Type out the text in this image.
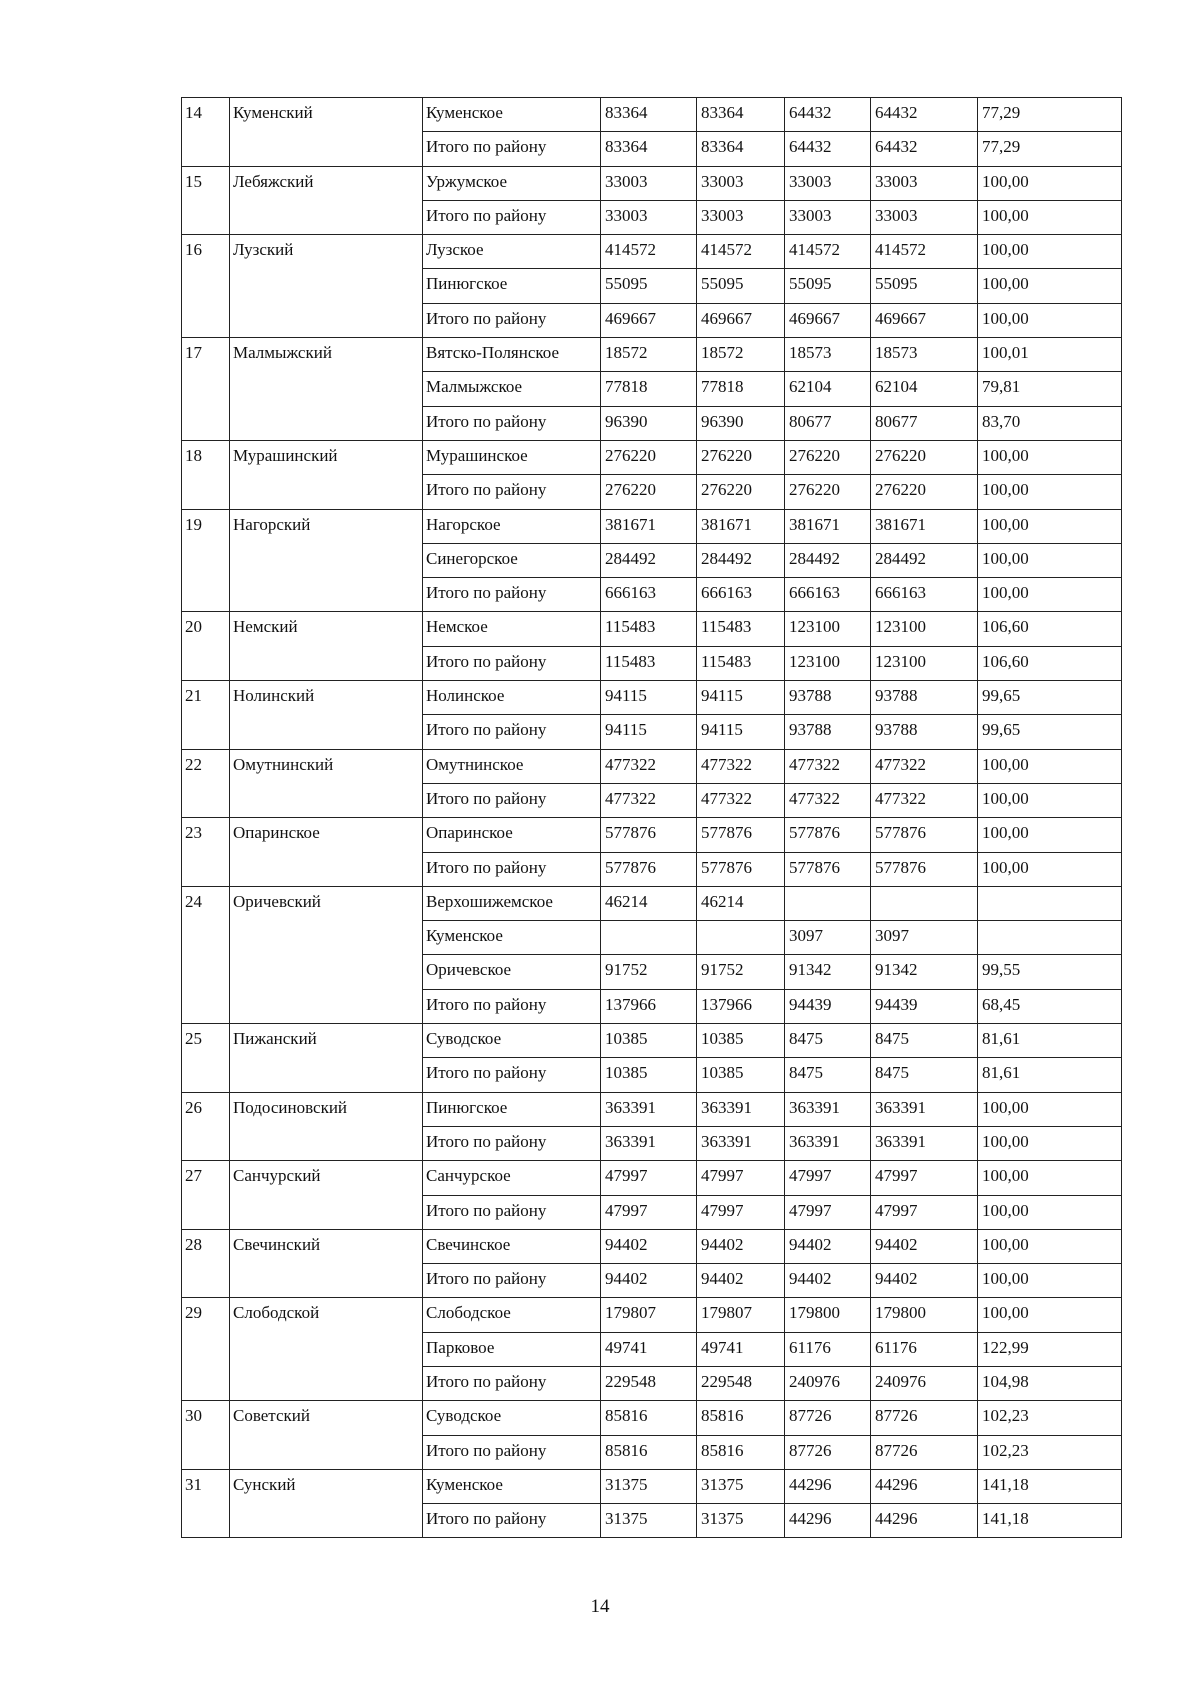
14	Куменский	Куменское	83364	83364	64432	64432	77,29
		Итого по району	83364	83364	64432	64432	77,29
15	Лебяжский	Уржумское	33003	33003	33003	33003	100,00
		Итого по району	33003	33003	33003	33003	100,00
16	Лузский	Лузское	414572	414572	414572	414572	100,00
		Пинюгское	55095	55095	55095	55095	100,00
		Итого по району	469667	469667	469667	469667	100,00
17	Малмыжский	Вятско-Полянское	18572	18572	18573	18573	100,01
		Малмыжское	77818	77818	62104	62104	79,81
		Итого по району	96390	96390	80677	80677	83,70
18	Мурашинский	Мурашинское	276220	276220	276220	276220	100,00
		Итого по району	276220	276220	276220	276220	100,00
19	Нагорский	Нагорское	381671	381671	381671	381671	100,00
		Синегорское	284492	284492	284492	284492	100,00
		Итого по району	666163	666163	666163	666163	100,00
20	Немский	Немское	115483	115483	123100	123100	106,60
		Итого по району	115483	115483	123100	123100	106,60
21	Нолинский	Нолинское	94115	94115	93788	93788	99,65
		Итого по району	94115	94115	93788	93788	99,65
22	Омутнинский	Омутнинское	477322	477322	477322	477322	100,00
		Итого по району	477322	477322	477322	477322	100,00
23	Опаринское	Опаринское	577876	577876	577876	577876	100,00
		Итого по району	577876	577876	577876	577876	100,00
24	Оричевский	Верхошижемское	46214	46214			
		Куменское			3097	3097	
		Оричевское	91752	91752	91342	91342	99,55
		Итого по району	137966	137966	94439	94439	68,45
25	Пижанский	Суводское	10385	10385	8475	8475	81,61
		Итого по району	10385	10385	8475	8475	81,61
26	Подосиновский	Пинюгское	363391	363391	363391	363391	100,00
		Итого по району	363391	363391	363391	363391	100,00
27	Санчурский	Санчурское	47997	47997	47997	47997	100,00
		Итого по району	47997	47997	47997	47997	100,00
28	Свечинский	Свечинское	94402	94402	94402	94402	100,00
		Итого по району	94402	94402	94402	94402	100,00
29	Слободской	Слободское	179807	179807	179800	179800	100,00
		Парковое	49741	49741	61176	61176	122,99
		Итого по району	229548	229548	240976	240976	104,98
30	Советский	Суводское	85816	85816	87726	87726	102,23
		Итого по району	85816	85816	87726	87726	102,23
31	Сунский	Куменское	31375	31375	44296	44296	141,18
		Итого по району	31375	31375	44296	44296	141,18
14
